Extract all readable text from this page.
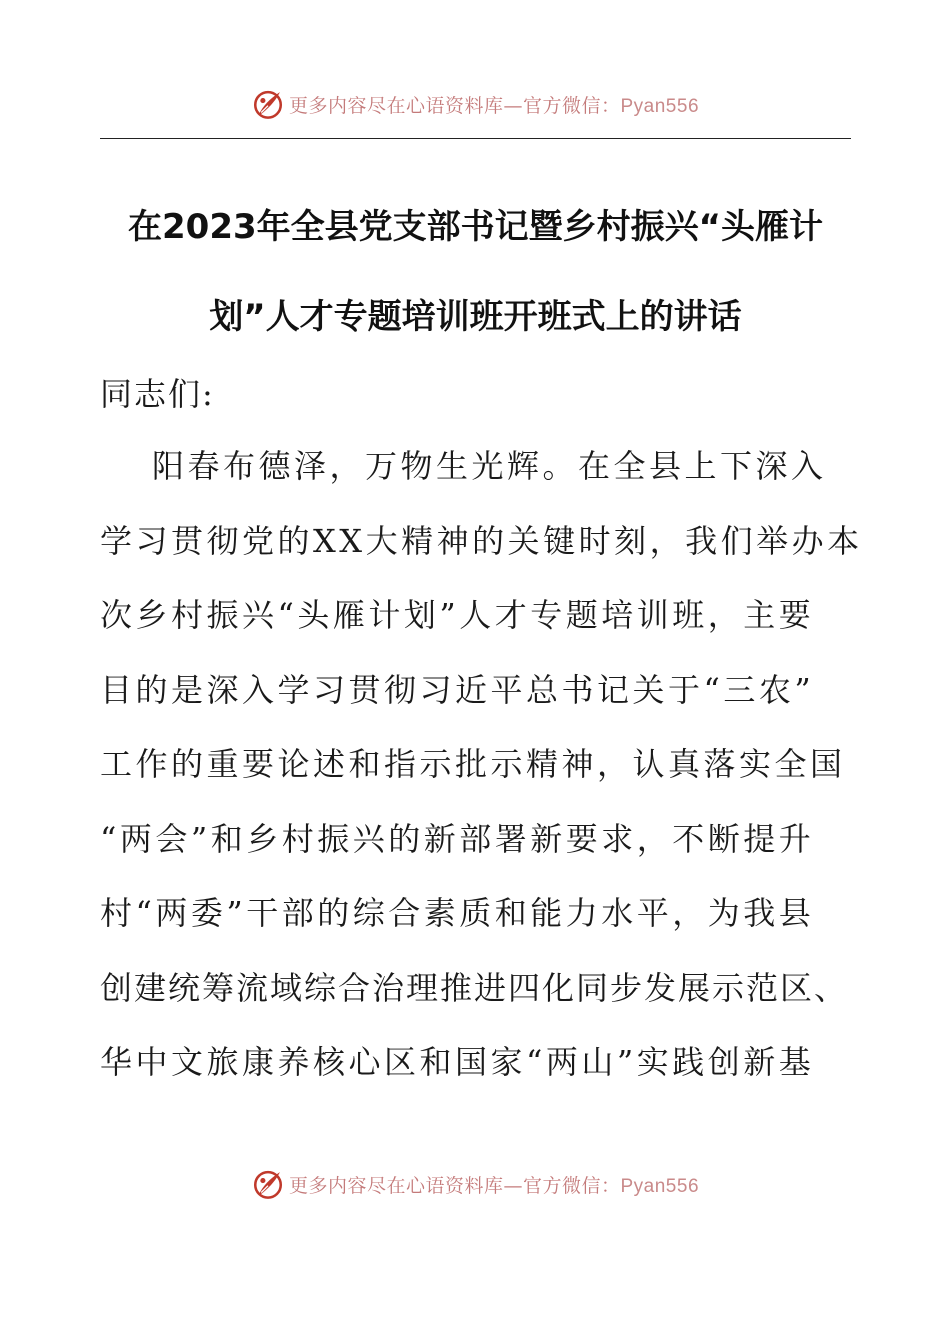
更多内容尽在心语资料库—官方微信：Pyan556
在2023年全县党支部书记暨乡村振兴“头雁计
划”人才专题培训班开班式上的讲话
同志们:
阳春布德泽，万物生光辉。在全县上下深入
学习贯彻党的XX大精神的关键时刻，我们举办本
次乡村振兴“头雁计划”人才专题培训班，主要
目的是深入学习贯彻习近平总书记关于“三农”
工作的重要论述和指示批示精神，认真落实全国
“两会”和乡村振兴的新部署新要求，不断提升
村“两委”干部的综合素质和能力水平，为我县
创建统筹流域综合治理推进四化同步发展示范区、
华中文旅康养核心区和国家“两山”实践创新基
更多内容尽在心语资料库—官方微信：Pyan556
